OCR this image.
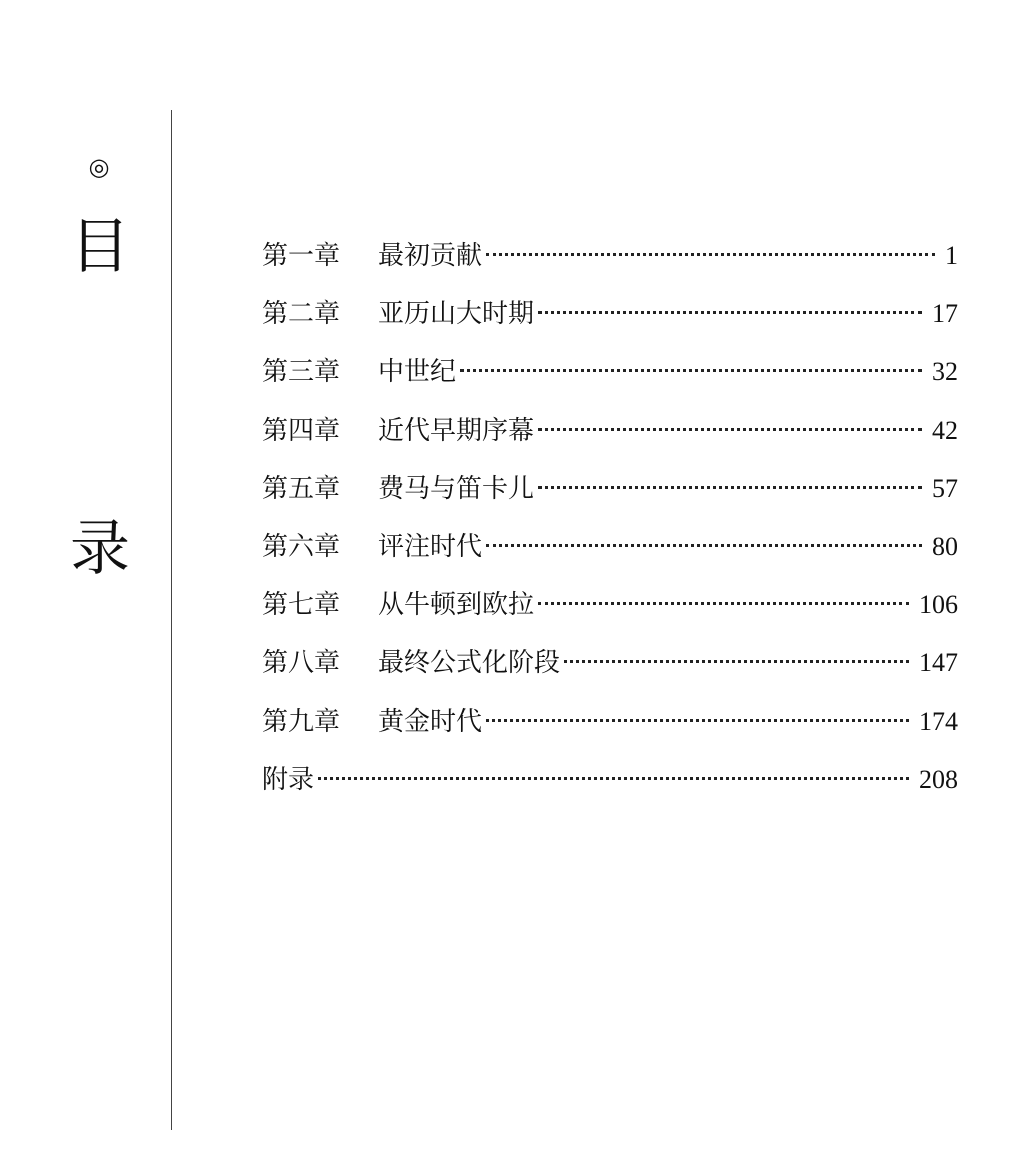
◎
目
录
第一章	最初贡献	1
第二章	亚历山大时期	17
第三章	中世纪	32
第四章	近代早期序幕	42
第五章	费马与笛卡儿	57
第六章	评注时代	80
第七章	从牛顿到欧拉	106
第八章	最终公式化阶段	147
第九章	黄金时代	174
附录	208
